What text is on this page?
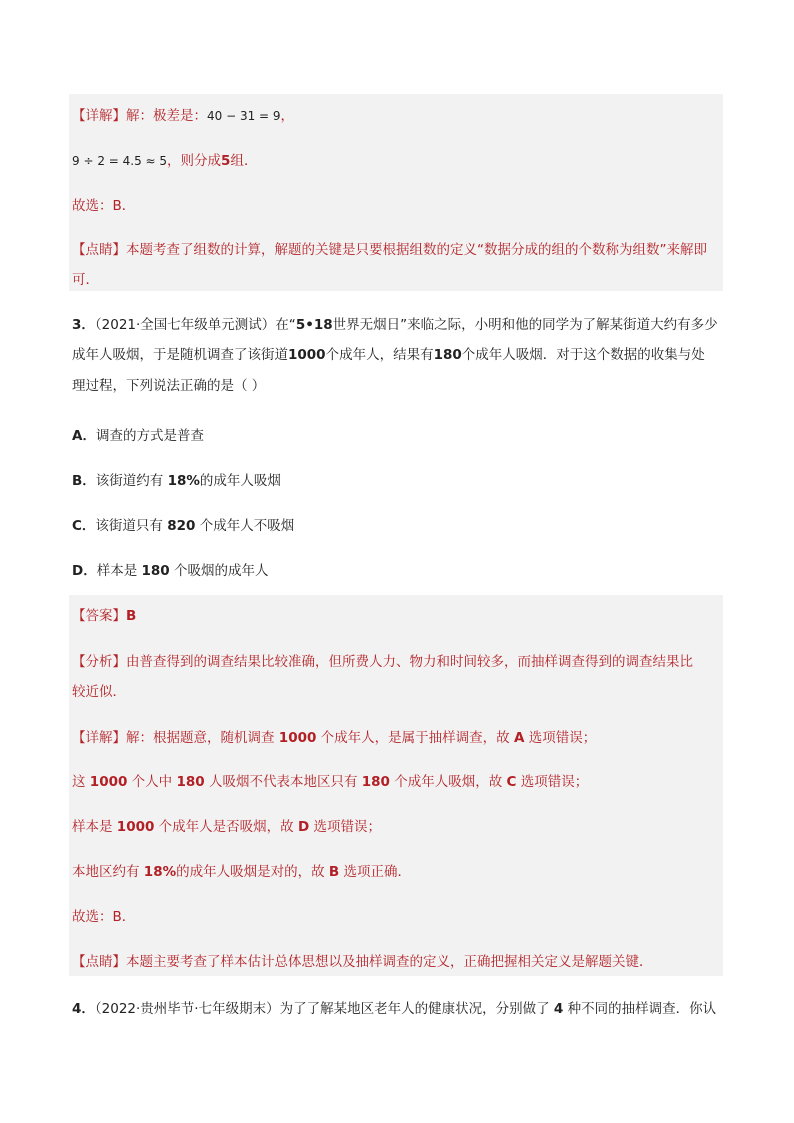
【详解】解：极差是：40 − 31 = 9，
9 ÷ 2 = 4.5 ≈ 5，则分成5组．
故选：B．
【点睛】本题考查了组数的计算，解题的关键是只要根据组数的定义“数据分成的组的个数称为组数”来解即
可．
3．（2021·全国七年级单元测试）在“5•18世界无烟日”来临之际，小明和他的同学为了解某街道大约有多少
成年人吸烟，于是随机调查了该街道1000个成年人，结果有180个成年人吸烟．对于这个数据的收集与处
理过程，下列说法正确的是（ ）
A．调查的方式是普查
B．该街道约有 18%的成年人吸烟
C．该街道只有 820 个成年人不吸烟
D．样本是 180 个吸烟的成年人
【答案】B
【分析】由普查得到的调查结果比较准确，但所费人力、物力和时间较多，而抽样调查得到的调查结果比
较近似．
【详解】解：根据题意，随机调查 1000 个成年人，是属于抽样调查，故 A 选项错误；
这 1000 个人中 180 人吸烟不代表本地区只有 180 个成年人吸烟，故 C 选项错误；
样本是 1000 个成年人是否吸烟，故 D 选项错误；
本地区约有 18%的成年人吸烟是对的，故 B 选项正确．
故选：B．
【点睛】本题主要考查了样本估计总体思想以及抽样调查的定义，正确把握相关定义是解题关键．
4．（2022·贵州毕节·七年级期末）为了了解某地区老年人的健康状况，分别做了 4 种不同的抽样调查．你认
